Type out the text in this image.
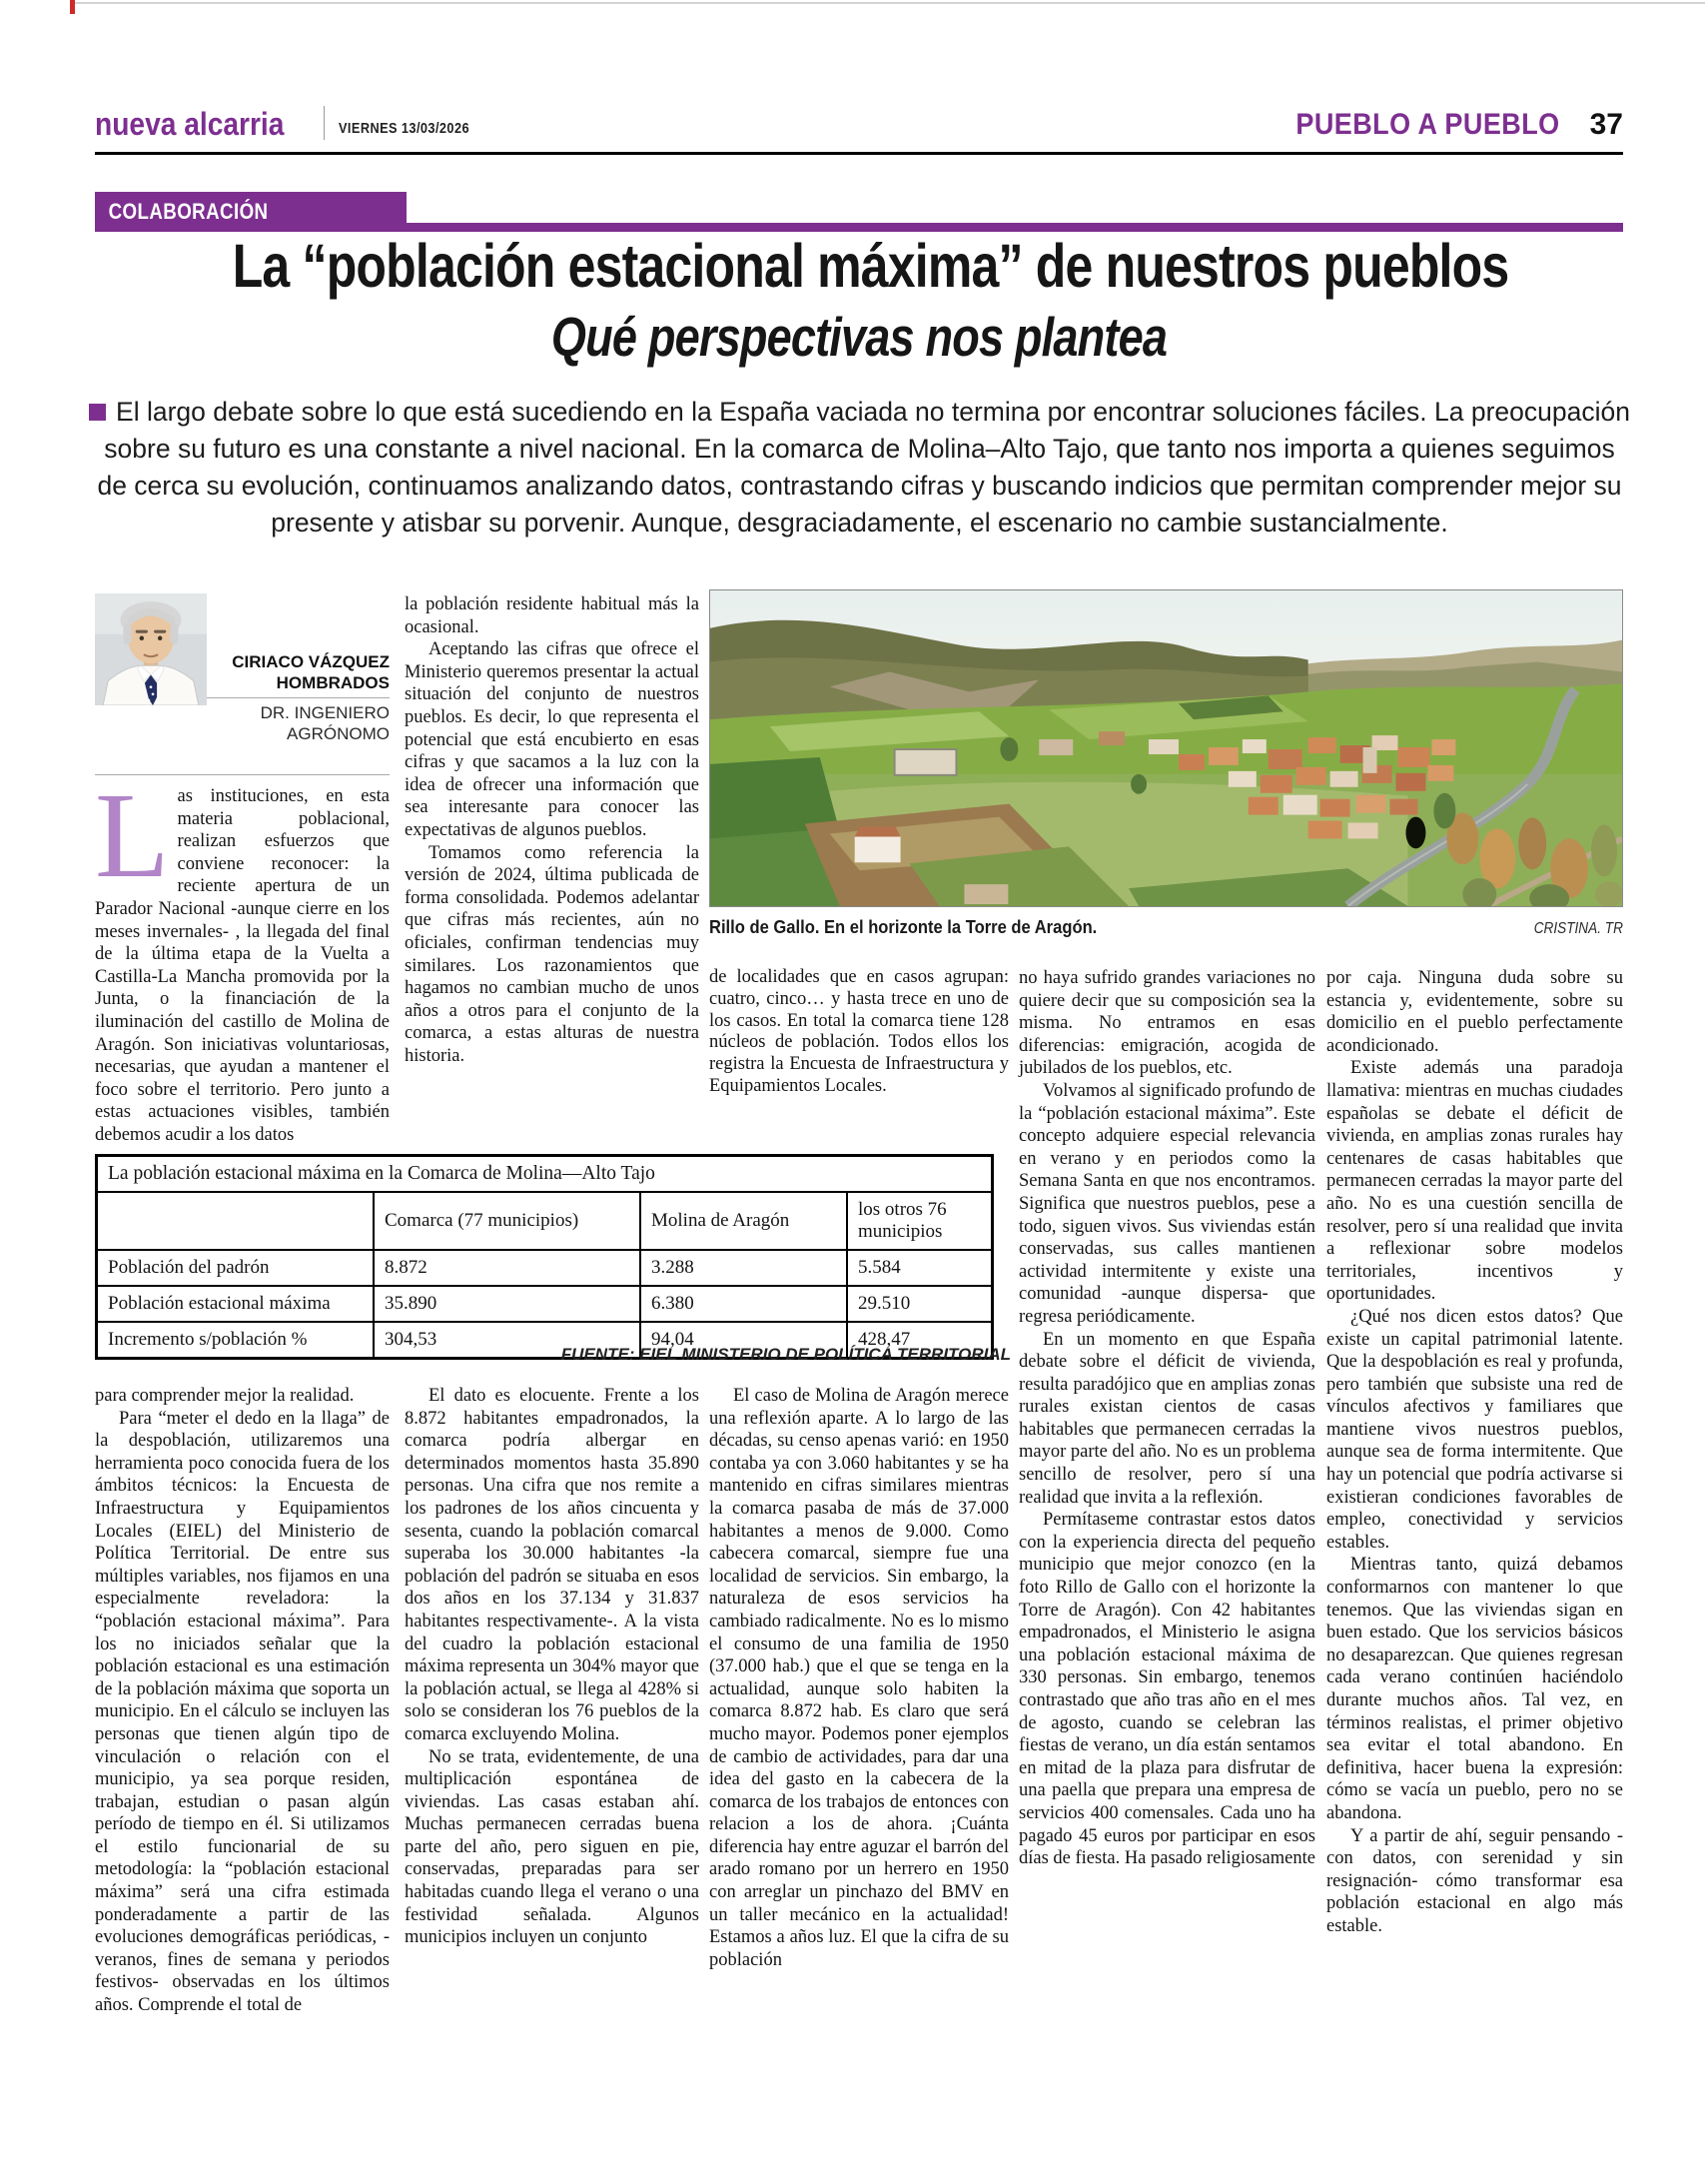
nueva alcarria	VIERNES 13/03/2026	PUEBLO A PUEBLO 37
COLABORACIÓN
La “población estacional máxima” de nuestros pueblos
Qué perspectivas nos plantea
El largo debate sobre lo que está sucediendo en la España vaciada no termina por encontrar soluciones fáciles. La preocupación sobre su futuro es una constante a nivel nacional. En la comarca de Molina–Alto Tajo, que tanto nos importa a quienes seguimos de cerca su evolución, continuamos analizando datos, contrastando cifras y buscando indicios que permitan comprender mejor su presente y atisbar su porvenir. Aunque, desgraciadamente, el escenario no cambie sustancialmente.
CIRIACO VÁZQUEZ HOMBRADOS
DR. INGENIERO AGRÓNOMO

Las instituciones, en esta materia poblacional, realizan esfuerzos que conviene reconocer: la reciente apertura de un Parador Nacional -aunque cierre en los meses invernales- , la llegada del final de la última etapa de la Vuelta a Castilla-La Mancha promovida por la Junta, o la financiación de la iluminación del castillo de Molina de Aragón. Son iniciativas voluntariosas, necesarias, que ayudan a mantener el foco sobre el territorio. Pero junto a estas actuaciones visibles, también debemos acudir a los datos

la población residente habitual más la ocasional.

Aceptando las cifras que ofrece el Ministerio queremos presentar la actual situación del conjunto de nuestros pueblos. Es decir, lo que representa el potencial que está encubierto en esas cifras y que sacamos a la luz con la idea de ofrecer una información que sea interesante para conocer las expectativas de algunos pueblos.

Tomamos como referencia la versión de 2024, última publicada de forma consolidada. Podemos adelantar que cifras más recientes, aún no oficiales, confirman tendencias muy similares. Los razonamientos que hagamos no cambian mucho de unos años a otros para el conjunto de la comarca, a estas alturas de nuestra historia.

Rillo de Gallo. En el horizonte la Torre de Aragón.	CRISTINA. TR

de localidades que en casos agrupan: cuatro, cinco… y hasta trece en uno de los casos. En total la comarca tiene 128 núcleos de población. Todos ellos los registra la Encuesta de Infraestructura y Equipamientos Locales.

La población estacional máxima en la Comarca de Molina—Alto Tajo			
	Comarca (77 municipios)	Molina de Aragón	los otros 76 municipios
Población del padrón	8.872	3.288	5.584
Población estacional máxima	35.890	6.380	29.510
Incremento s/población %	304,53	94,04	428,47
FUENTE: EIEL MINISTERIO DE POLÍTICA TERRITORIAL

para comprender mejor la realidad.

Para “meter el dedo en la llaga” de la despoblación, utilizaremos una herramienta poco conocida fuera de los ámbitos técnicos: la Encuesta de Infraestructura y Equipamientos Locales (EIEL) del Ministerio de Política Territorial. De entre sus múltiples variables, nos fijamos en una especialmente reveladora: la “población estacional máxima”. Para los no iniciados señalar que la población estacional es una estimación de la población máxima que soporta un municipio. En el cálculo se incluyen las personas que tienen algún tipo de vinculación o relación con el municipio, ya sea porque residen, trabajan, estudian o pasan algún período de tiempo en él. Si utilizamos el estilo funcionarial de su metodología: la “población estacional máxima” será una cifra estimada ponderadamente a partir de las evoluciones demográficas periódicas, -veranos, fines de semana y periodos festivos- observadas en los últimos años. Comprende el total de

El dato es elocuente. Frente a los 8.872 habitantes empadronados, la comarca podría albergar en determinados momentos hasta 35.890 personas. Una cifra que nos remite a los padrones de los años cincuenta y sesenta, cuando la población comarcal superaba los 30.000 habitantes -la población del padrón se situaba en esos dos años en los 37.134 y 31.837 habitantes respectivamente-. A la vista del cuadro la población estacional máxima representa un 304% mayor que la población actual, se llega al 428% si solo se consideran los 76 pueblos de la comarca excluyendo Molina.

No se trata, evidentemente, de una multiplicación espontánea de viviendas. Las casas estaban ahí. Muchas permanecen cerradas buena parte del año, pero siguen en pie, conservadas, preparadas para ser habitadas cuando llega el verano o una festividad señalada. Algunos municipios incluyen un conjunto

El caso de Molina de Aragón merece una reflexión aparte. A lo largo de las décadas, su censo apenas varió: en 1950 contaba ya con 3.060 habitantes y se ha mantenido en cifras similares mientras la comarca pasaba de más de 37.000 habitantes a menos de 9.000. Como cabecera comarcal, siempre fue una localidad de servicios. Sin embargo, la naturaleza de esos servicios ha cambiado radicalmente. No es lo mismo el consumo de una familia de 1950 (37.000 hab.) que el que se tenga en la actualidad, aunque solo habiten la comarca 8.872 hab. Es claro que será mucho mayor. Podemos poner ejemplos de cambio de actividades, para dar una idea del gasto en la cabecera de la comarca de los trabajos de entonces con relacion a los de ahora. ¡Cuánta diferencia hay entre aguzar el barrón del arado romano por un herrero en 1950 con arreglar un pinchazo del BMV en un taller mecánico en la actualidad! Estamos a años luz. El que la cifra de su población

no haya sufrido grandes variaciones no quiere decir que su composición sea la misma. No entramos en esas diferencias: emigración, acogida de jubilados de los pueblos, etc.

Volvamos al significado profundo de la “población estacional máxima”. Este concepto adquiere especial relevancia en verano y en periodos como la Semana Santa en que nos encontramos. Significa que nuestros pueblos, pese a todo, siguen vivos. Sus viviendas están conservadas, sus calles mantienen actividad intermitente y existe una comunidad -aunque dispersa- que regresa periódicamente.

En un momento en que España debate sobre el déficit de vivienda, resulta paradójico que en amplias zonas rurales existan cientos de casas habitables que permanecen cerradas la mayor parte del año. No es un problema sencillo de resolver, pero sí una realidad que invita a la reflexión.

Permítaseme contrastar estos datos con la experiencia directa del pequeño municipio que mejor conozco (en la foto Rillo de Gallo con el horizonte la Torre de Aragón). Con 42 habitantes empadronados, el Ministerio le asigna una población estacional máxima de 330 personas. Sin embargo, tenemos contrastado que año tras año en el mes de agosto, cuando se celebran las fiestas de verano, un día están sentamos en mitad de la plaza para disfrutar de una paella que prepara una empresa de servicios 400 comensales. Cada uno ha pagado 45 euros por participar en esos días de fiesta. Ha pasado religiosamente

por caja. Ninguna duda sobre su estancia y, evidentemente, sobre su domicilio en el pueblo perfectamente acondicionado.

Existe además una paradoja llamativa: mientras en muchas ciudades españolas se debate el déficit de vivienda, en amplias zonas rurales hay centenares de casas habitables que permanecen cerradas la mayor parte del año. No es una cuestión sencilla de resolver, pero sí una realidad que invita a reflexionar sobre modelos territoriales, incentivos y oportunidades.

¿Qué nos dicen estos datos? Que existe un capital patrimonial latente. Que la despoblación es real y profunda, pero también que subsiste una red de vínculos afectivos y familiares que mantiene vivos nuestros pueblos, aunque sea de forma intermitente. Que hay un potencial que podría activarse si existieran condiciones favorables de empleo, conectividad y servicios estables.

Mientras tanto, quizá debamos conformarnos con mantener lo que tenemos. Que las viviendas sigan en buen estado. Que los servicios básicos no desaparezcan. Que quienes regresan cada verano continúen haciéndolo durante muchos años. Tal vez, en términos realistas, el primer objetivo sea evitar el total abandono. En definitiva, hacer buena la expresión: cómo se vacía un pueblo, pero no se abandona.

Y a partir de ahí, seguir pensando -con datos, con serenidad y sin resignación- cómo transformar esa población estacional en algo más estable.
